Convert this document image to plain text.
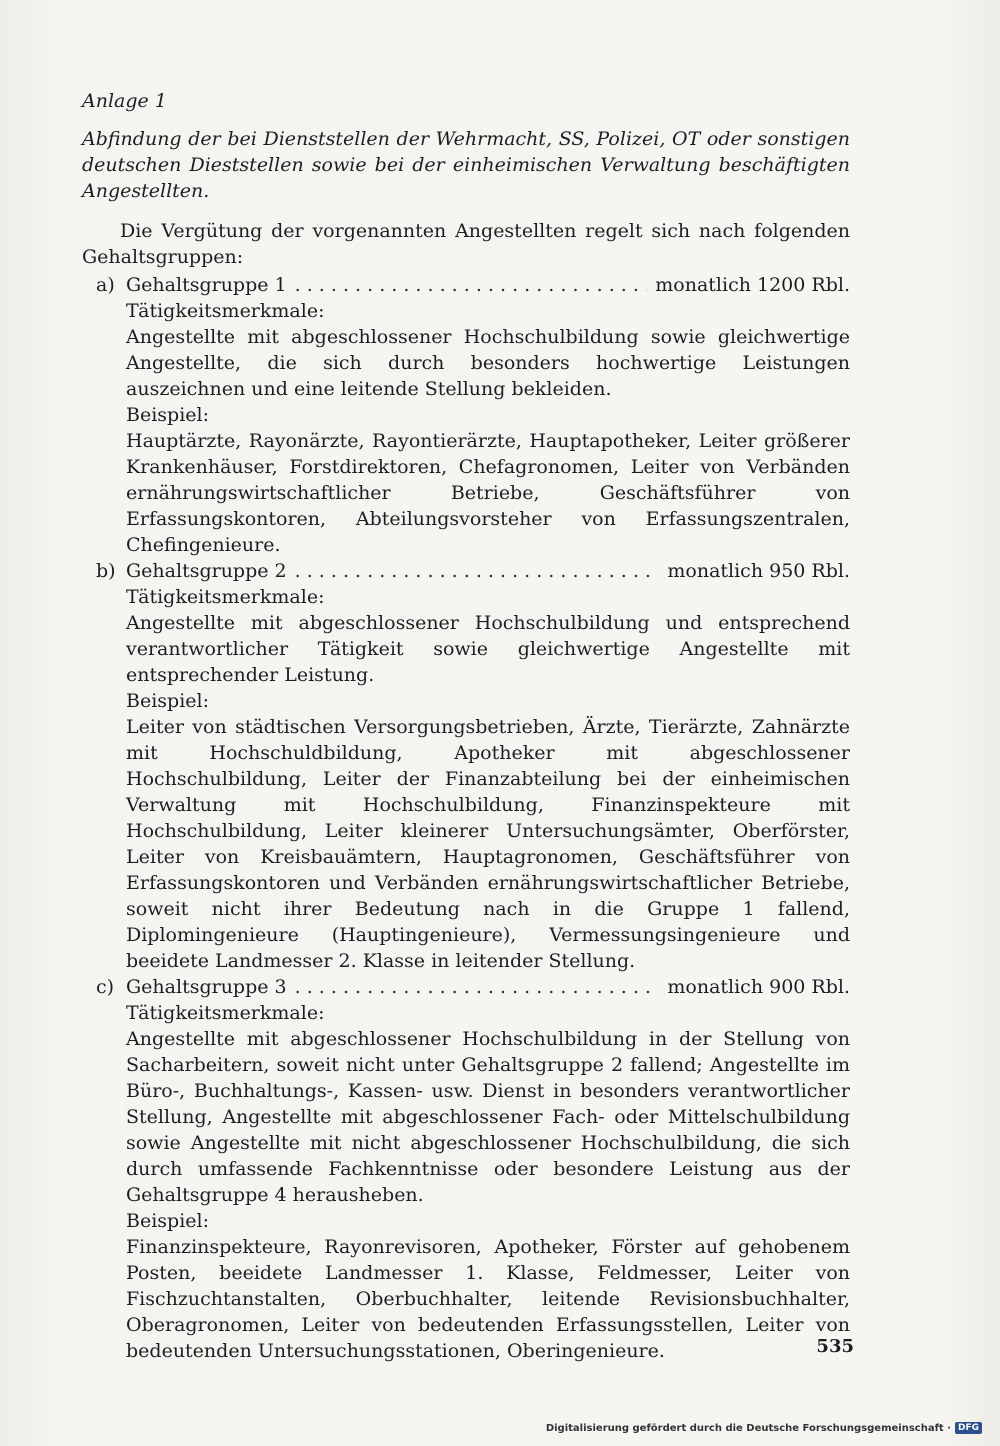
Anlage 1

Abfindung der bei Dienststellen der Wehrmacht, SS, Polizei, OT oder sonstigen deutschen Dieststellen sowie bei der einheimischen Verwaltung beschäftigten Angestellten.

Die Vergütung der vorgenannten Angestellten regelt sich nach folgenden Gehaltsgruppen:

a) Gehaltsgruppe 1 . . .	monatlich 1200 Rbl.

Tätigkeitsmerkmale:

Angestellte mit abgeschlossener Hochschulbildung sowie gleichwertige Angestellte, die sich durch besonders hochwertige Leistungen auszeichnen und eine leitende Stellung bekleiden.

Beispiel:

Hauptärzte, Rayonärzte, Rayontierärzte, Hauptapotheker, Leiter größerer Krankenhäuser, Forstdirektoren, Chefagronomen, Leiter von Verbänden ernährungswirtschaftlicher Betriebe, Geschäftsführer von Erfassungskontoren, Abteilungsvorsteher von Erfassungszentralen, Chefingenieure.

b) Gehaltsgruppe 2 . . .	monatlich 950 Rbl.

Tätigkeitsmerkmale:

Angestellte mit abgeschlossener Hochschulbildung und entsprechend verantwortlicher Tätigkeit sowie gleichwertige Angestellte mit entsprechender Leistung.

Beispiel:

Leiter von städtischen Versorgungsbetrieben, Ärzte, Tierärzte, Zahnärzte mit Hochschuldbildung, Apotheker mit abgeschlossener Hochschulbildung, Leiter der Finanzabteilung bei der einheimischen Verwaltung mit Hochschulbildung, Finanzinspekteure mit Hochschulbildung, Leiter kleinerer Untersuchungsämter, Oberförster, Leiter von Kreisbauämtern, Hauptagronomen, Geschäftsführer von Erfassungskontoren und Verbänden ernährungswirtschaftlicher Betriebe, soweit nicht ihrer Bedeutung nach in die Gruppe 1 fallend, Diplomingenieure (Hauptingenieure), Vermessungsingenieure und beeidete Landmesser 2. Klasse in leitender Stellung.

c) Gehaltsgruppe 3 . . .	monatlich 900 Rbl.

Tätigkeitsmerkmale:

Angestellte mit abgeschlossener Hochschulbildung in der Stellung von Sacharbeitern, soweit nicht unter Gehaltsgruppe 2 fallend; Angestellte im Büro-, Buchhaltungs-, Kassen- usw. Dienst in besonders verantwortlicher Stellung, Angestellte mit abgeschlossener Fach- oder Mittelschulbildung sowie Angestellte mit nicht abgeschlossener Hochschulbildung, die sich durch umfassende Fachkenntnisse oder besondere Leistung aus der Gehaltsgruppe 4 herausheben.

Beispiel:

Finanzinspekteure, Rayonrevisoren, Apotheker, Förster auf gehobenem Posten, beeidete Landmesser 1. Klasse, Feldmesser, Leiter von Fischzuchtanstalten, Oberbuchhalter, leitende Revisionsbuchhalter, Oberagronomen, Leiter von bedeutenden Erfassungsstellen, Leiter von bedeutenden Untersuchungsstationen, Oberingenieure.	535
Digitalisierung gefördert durch die Deutsche Forschungsgemeinschaft · DFG
